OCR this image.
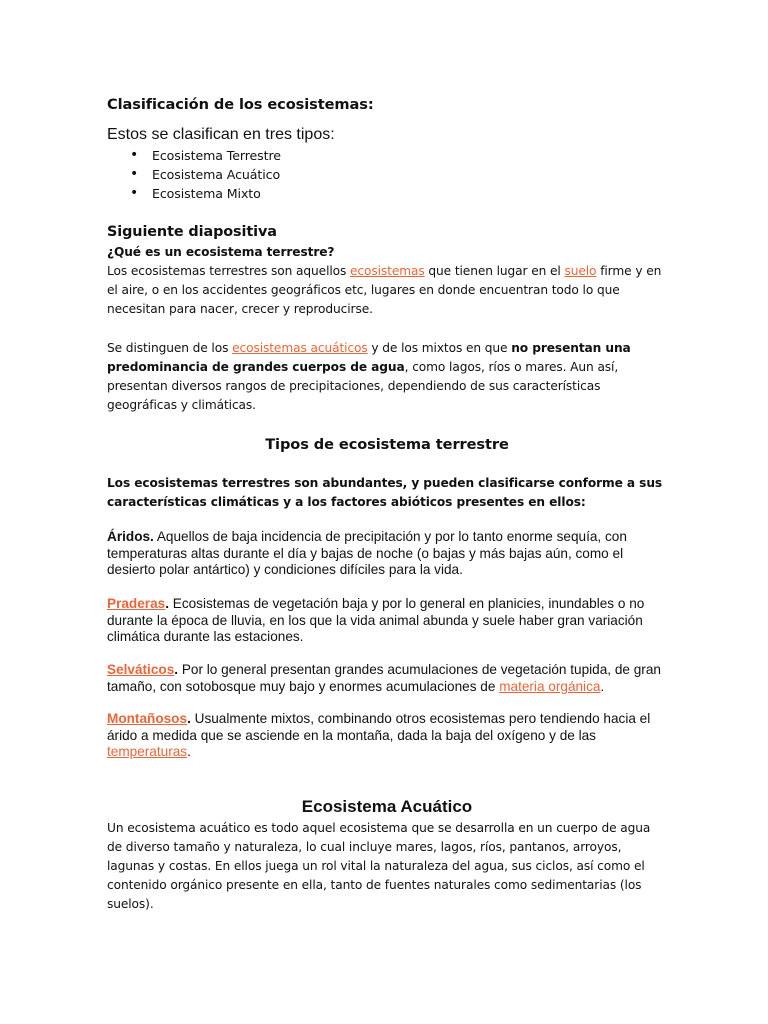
Clasificación de los ecosistemas:

Estos se clasifican en tres tipos:

• Ecosistema Terrestre
• Ecosistema Acuático
• Ecosistema Mixto
Siguiente diapositiva
¿Qué es un ecosistema terrestre?
Los ecosistemas terrestres son aquellos ecosistemas que tienen lugar en el suelo firme y en el aire, o en los accidentes geográficos etc, lugares en donde encuentran todo lo que necesitan para nacer, crecer y reproducirse.
Se distinguen de los ecosistemas acuáticos y de los mixtos en que no presentan una predominancia de grandes cuerpos de agua, como lagos, ríos o mares. Aun así, presentan diversos rangos de precipitaciones, dependiendo de sus características geográficas y climáticas.
Tipos de ecosistema terrestre
Los ecosistemas terrestres son abundantes, y pueden clasificarse conforme a sus características climáticas y a los factores abióticos presentes en ellos:
Áridos. Aquellos de baja incidencia de precipitación y por lo tanto enorme sequía, con temperaturas altas durante el día y bajas de noche (o bajas y más bajas aún, como el desierto polar antártico) y condiciones difíciles para la vida.
Praderas. Ecosistemas de vegetación baja y por lo general en planicies, inundables o no durante la época de lluvia, en los que la vida animal abunda y suele haber gran variación climática durante las estaciones.
Selváticos. Por lo general presentan grandes acumulaciones de vegetación tupida, de gran tamaño, con sotobosque muy bajo y enormes acumulaciones de materia orgánica.
Montañosos. Usualmente mixtos, combinando otros ecosistemas pero tendiendo hacia el árido a medida que se asciende en la montaña, dada la baja del oxígeno y de las temperaturas.
Ecosistema Acuático
Un ecosistema acuático es todo aquel ecosistema que se desarrolla en un cuerpo de agua de diverso tamaño y naturaleza, lo cual incluye mares, lagos, ríos, pantanos, arroyos, lagunas y costas. En ellos juega un rol vital la naturaleza del agua, sus ciclos, así como el contenido orgánico presente en ella, tanto de fuentes naturales como sedimentarias (los suelos).
